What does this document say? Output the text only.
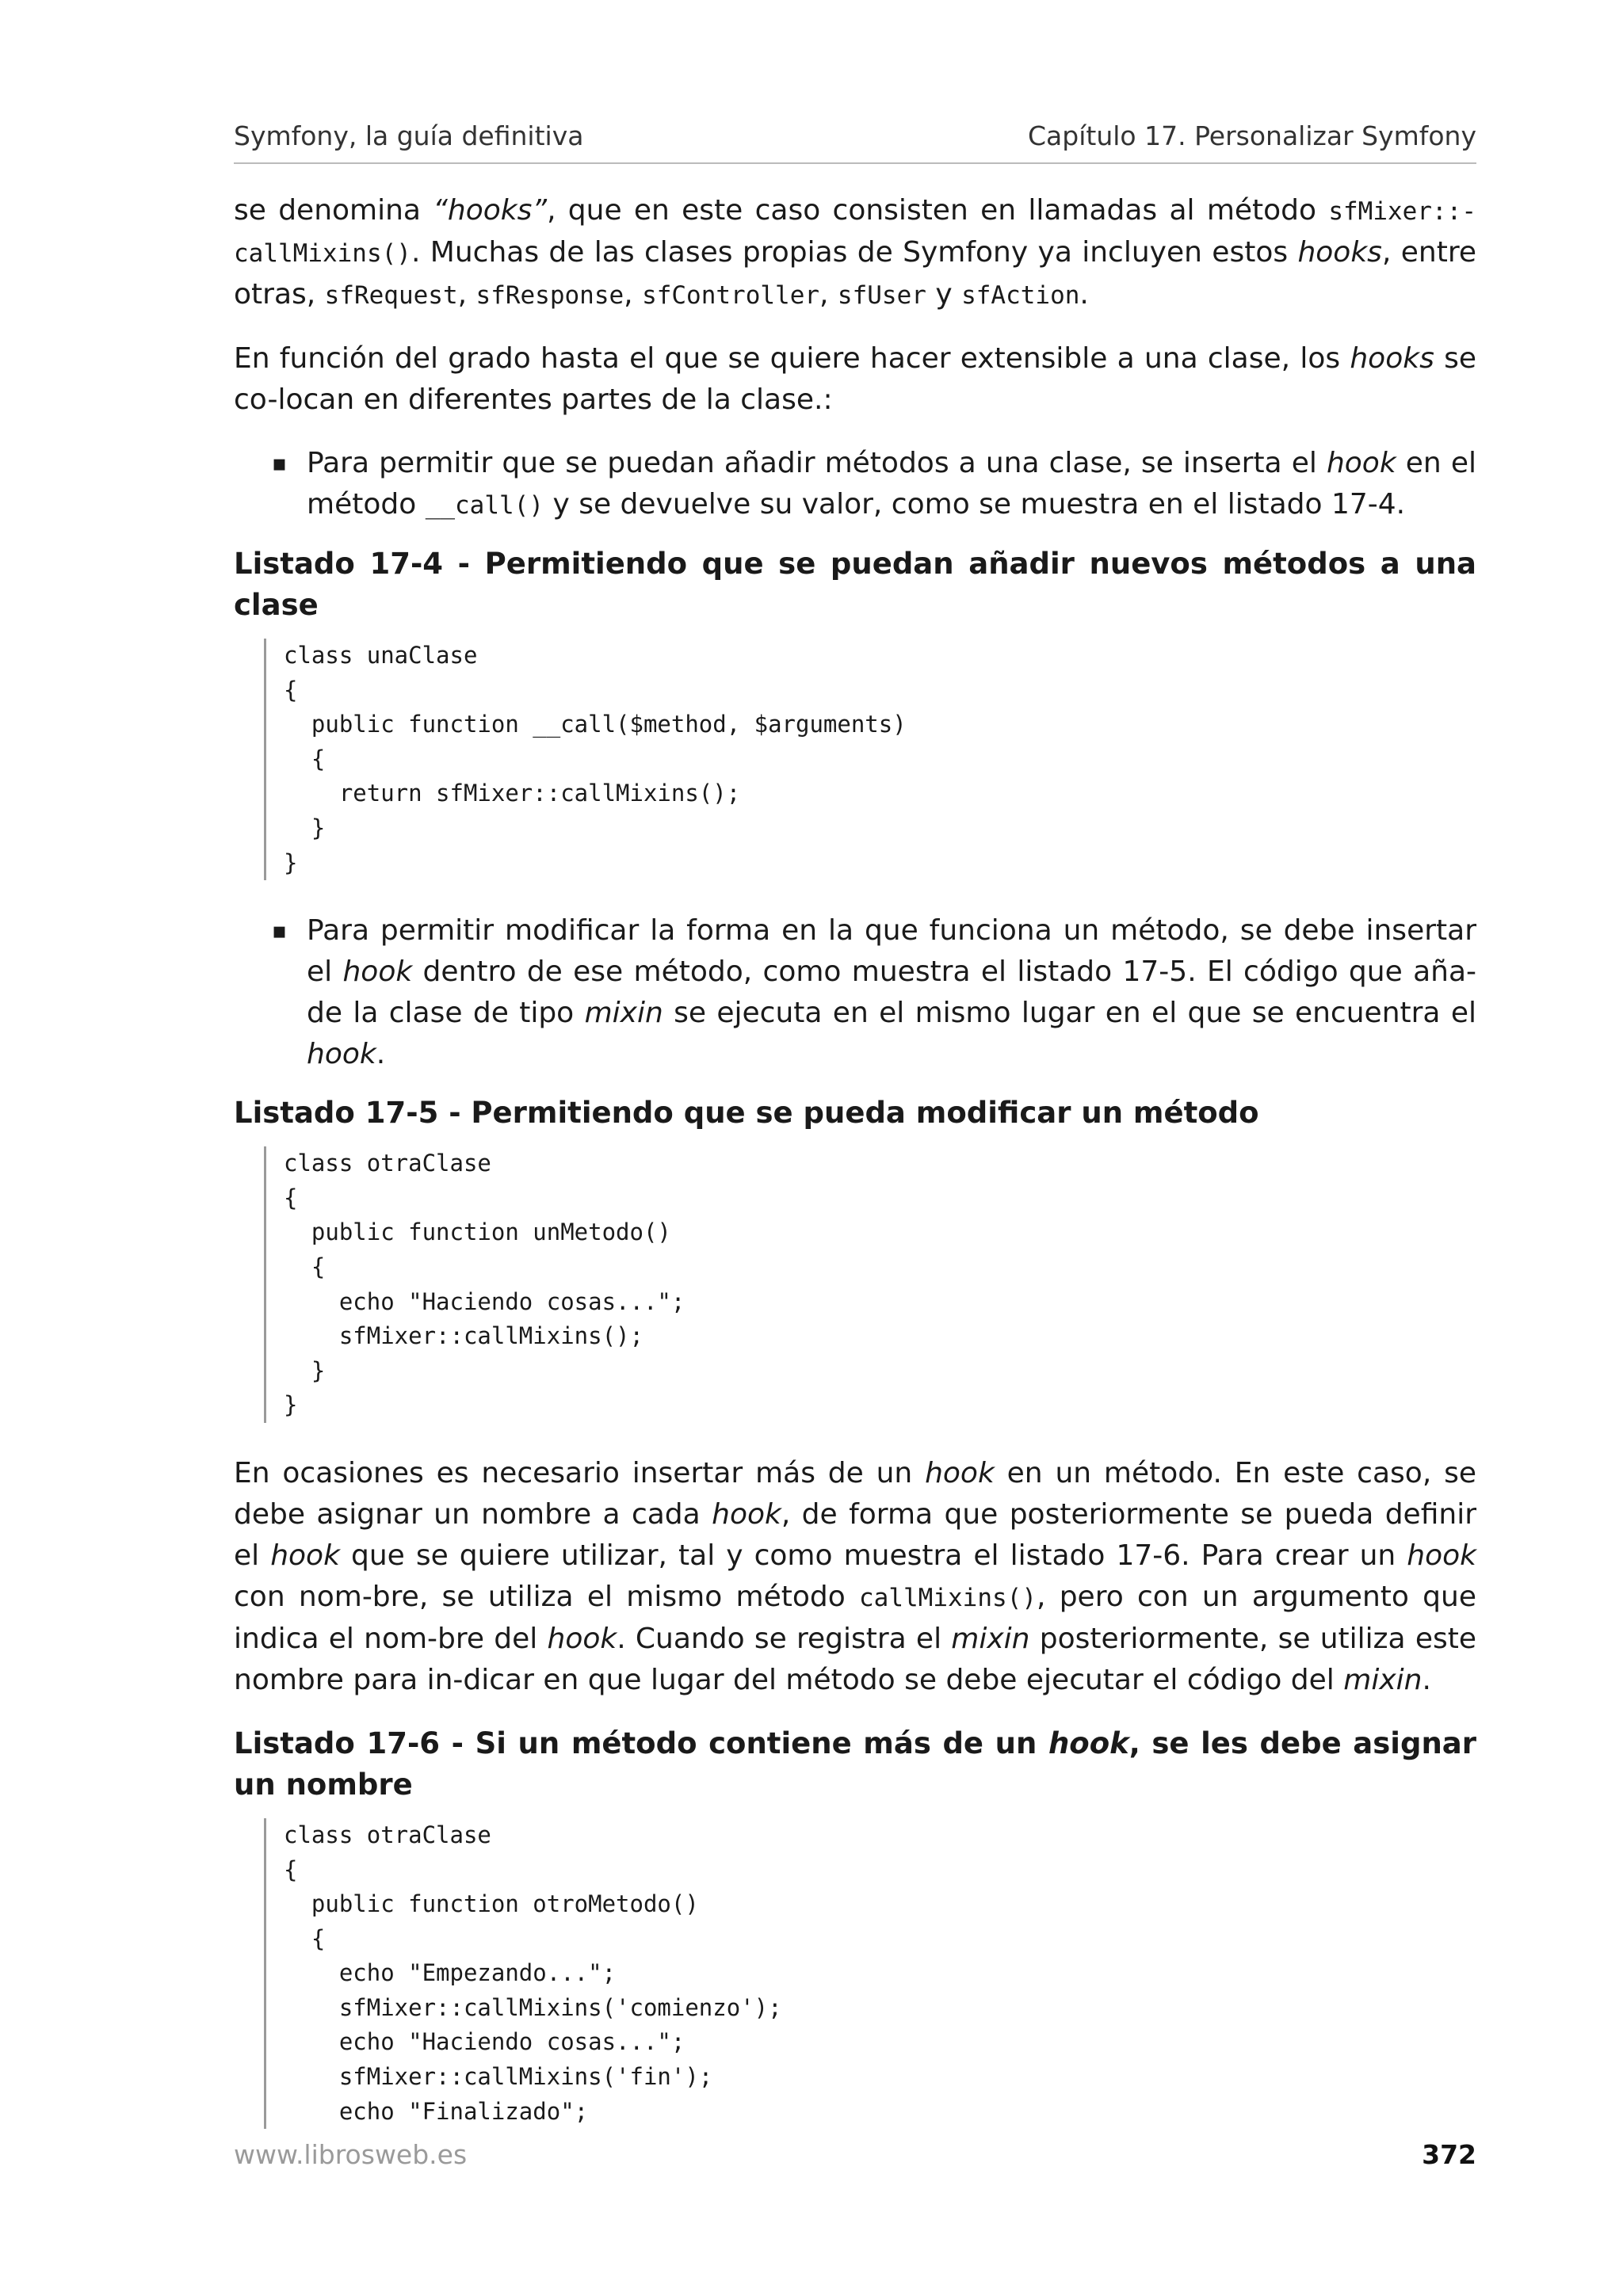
Symfony, la guía definitiva	Capítulo 17. Personalizar Symfony

se denomina “hooks”, que en este caso consisten en llamadas al método sfMixer::-callMixins(). Muchas de las clases propias de Symfony ya incluyen estos hooks, entre otras, sfRequest, sfResponse, sfController, sfUser y sfAction.

En función del grado hasta el que se quiere hacer extensible a una clase, los hooks se co-locan en diferentes partes de la clase.:

▪ Para permitir que se puedan añadir métodos a una clase, se inserta el hook en el método __call() y se devuelve su valor, como se muestra en el listado 17-4.
Listado 17-4 - Permitiendo que se puedan añadir nuevos métodos a una clase
class unaClase
{
public function __call($method, $arguments)
{
return sfMixer::callMixins();
}
}
▪ Para permitir modificar la forma en la que funciona un método, se debe insertar el hook dentro de ese método, como muestra el listado 17-5. El código que aña-de la clase de tipo mixin se ejecuta en el mismo lugar en el que se encuentra el hook.
Listado 17-5 - Permitiendo que se pueda modificar un método
class otraClase
{
public function unMetodo()
{
echo "Haciendo cosas...";
sfMixer::callMixins();
}
}

En ocasiones es necesario insertar más de un hook en un método. En este caso, se debe asignar un nombre a cada hook, de forma que posteriormente se pueda definir el hook que se quiere utilizar, tal y como muestra el listado 17-6. Para crear un hook con nom-bre, se utiliza el mismo método callMixins(), pero con un argumento que indica el nom-bre del hook. Cuando se registra el mixin posteriormente, se utiliza este nombre para in-dicar en que lugar del método se debe ejecutar el código del mixin.

Listado 17-6 - Si un método contiene más de un hook, se les debe asignar un nombre
class otraClase
{
public function otroMetodo()
{
echo "Empezando...";
sfMixer::callMixins('comienzo');
echo "Haciendo cosas...";
sfMixer::callMixins('fin');
echo "Finalizado";
www.librosweb.es	372
